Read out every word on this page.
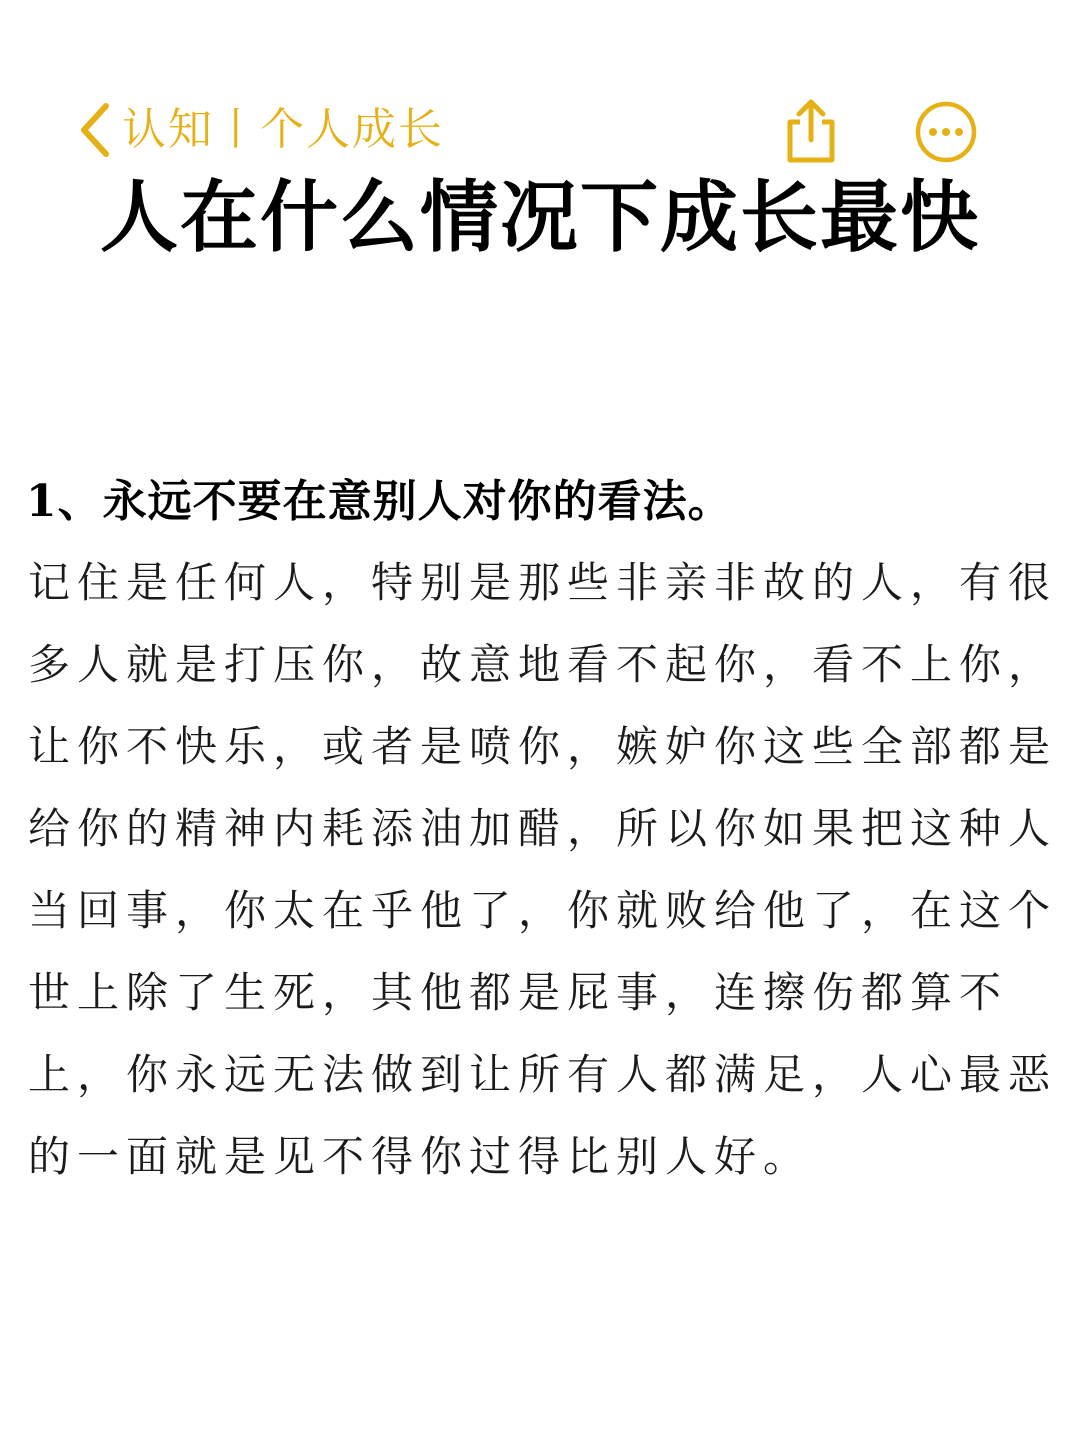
认知丨个人成长
人在什么情况下成长最快
1、永远不要在意别人对你的看法。
记住是任何人，特别是那些非亲非故的人，有很
多人就是打压你，故意地看不起你，看不上你，
让你不快乐，或者是喷你，嫉妒你这些全部都是
给你的精神内耗添油加醋，所以你如果把这种人
当回事，你太在乎他了，你就败给他了，在这个
世上除了生死，其他都是屁事，连擦伤都算不
上，你永远无法做到让所有人都满足，人心最恶
的一面就是见不得你过得比别人好。
